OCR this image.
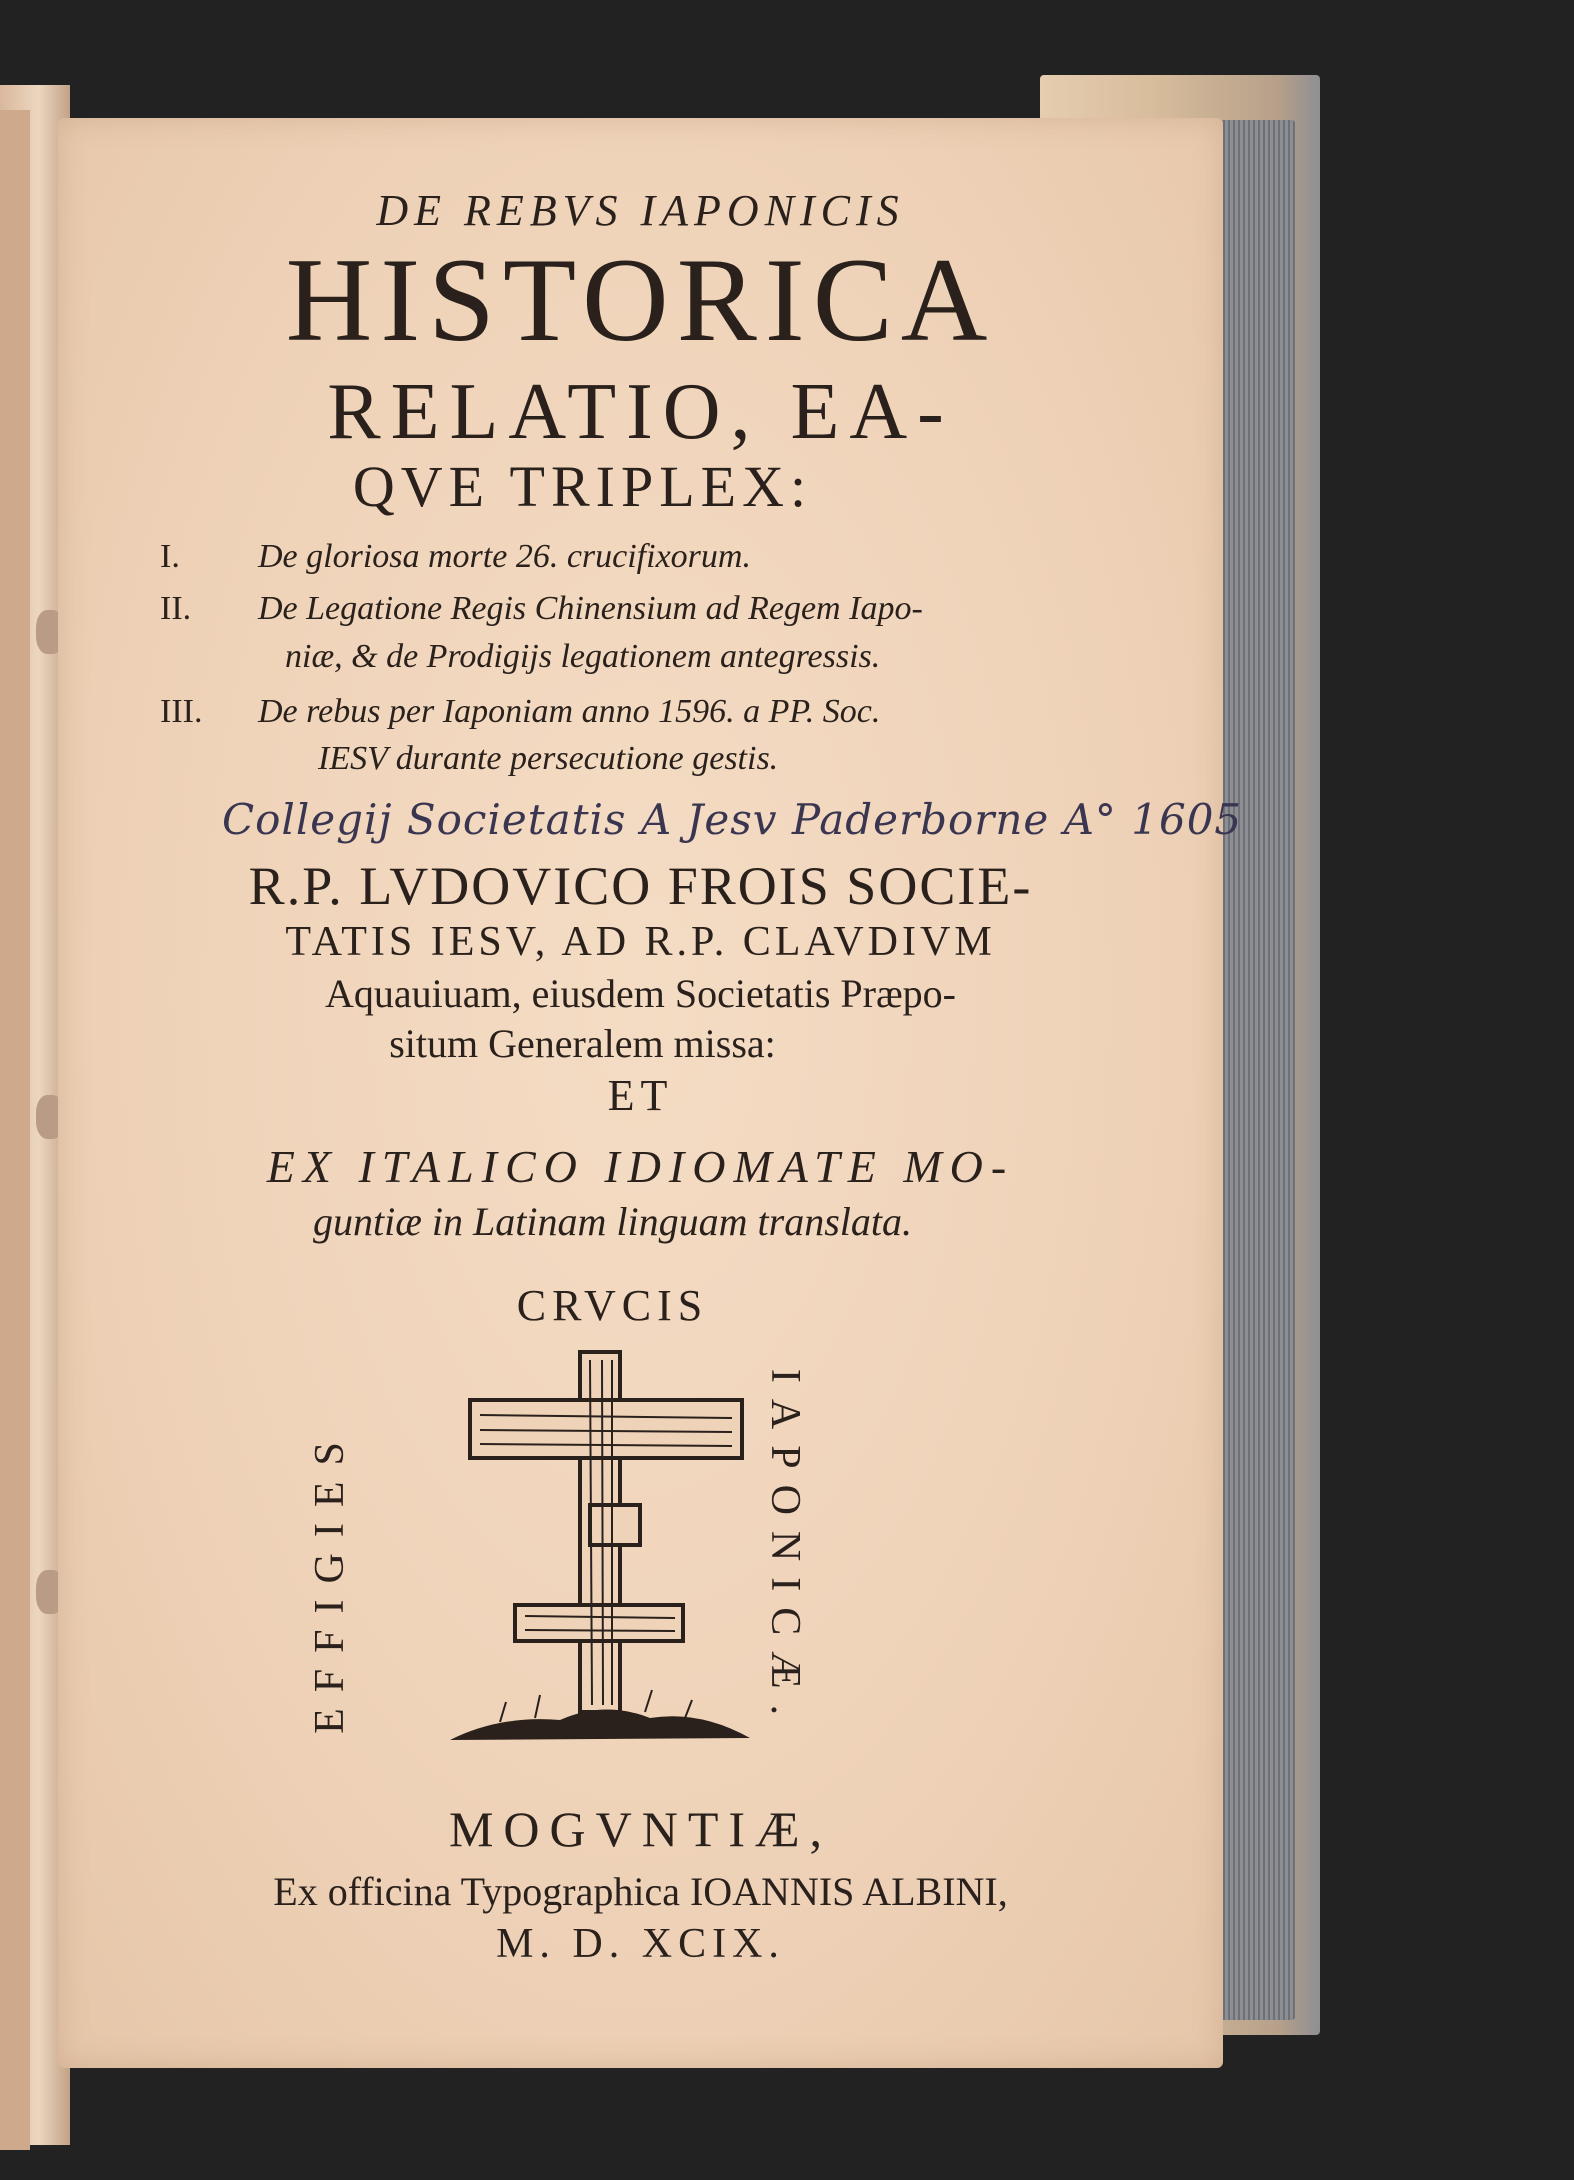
DE REBVS IAPONICIS
HISTORICA
RELATIO, EA-
QVE TRIPLEX:
I. De gloriosa morte 26. crucifixorum.
II. De Legatione Regis Chinensium ad Regem Iapo-
niæ, & de Prodigijs legationem antegressis.
III. De rebus per Iaponiam anno 1596. a PP. Soc.
IESV durante persecutione gestis.
Collegij Societatis A Jesv Paderborne A° 1605
R.P. LVDOVICO FROIS SOCIE-
TATIS IESV, AD R.P. CLAVDIVM
Aquauiuam, eiusdem Societatis Præpo-
situm Generalem missa:
ET
EX ITALICO IDIOMATE MO-
guntiæ in Latinam linguam translata.
CRVCIS
EFFIGIES	IAPONICÆ.
MOGVNTIÆ,
Ex officina Typographica IOANNIS ALBINI,
M. D. XCIX.
